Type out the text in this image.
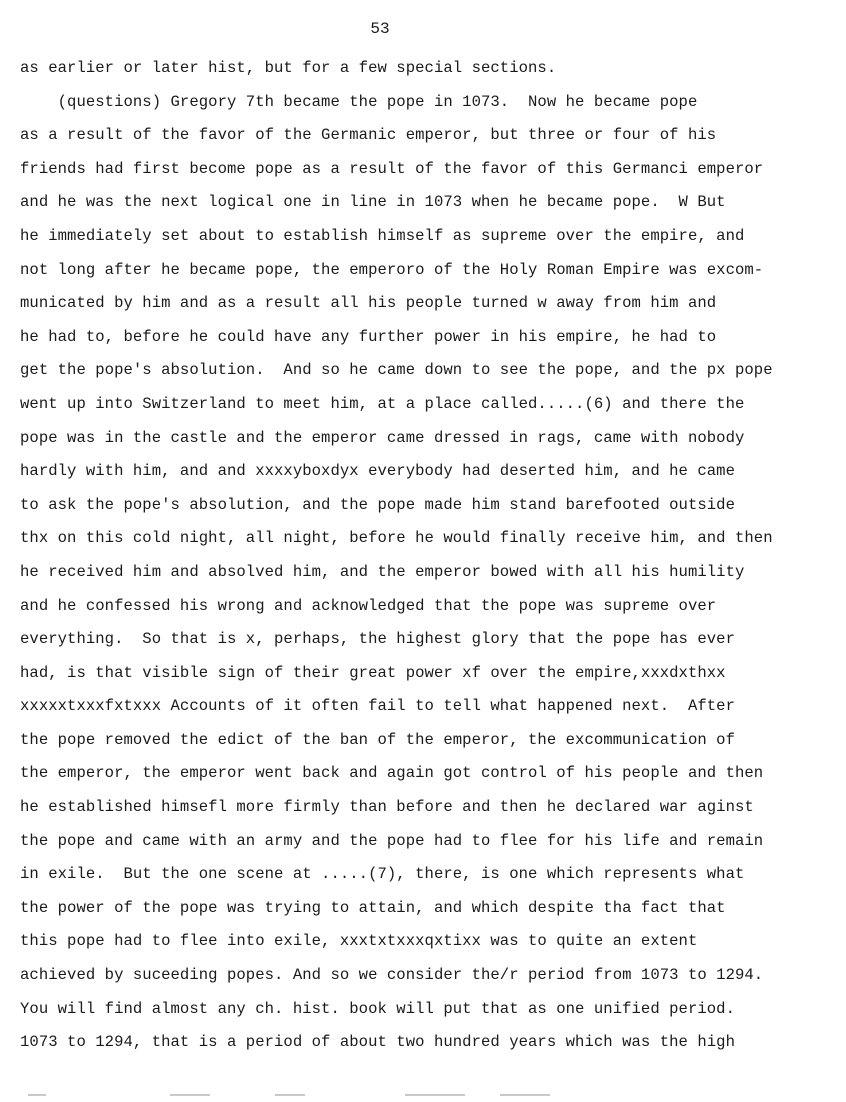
53
as earlier or later hist, but for a few special sections.
(questions) Gregory 7th became the pope in 1073.  Now he became pope
as a result of the favor of the Germanic emperor, but three or four of his
friends had first become pope as a result of the favor of this Germanci emperor
and he was the next logical one in line in 1073 when he became pope.  W But
he immediately set about to establish himself as supreme over the empire, and
not long after he became pope, the emperoro of the Holy Roman Empire was excom-
municated by him and as a result all his people turned w away from him and
he had to, before he could have any further power in his empire, he had to
get the pope's absolution.  And so he came down to see the pope, and the px pope
went up into Switzerland to meet him, at a place called.....(6) and there the
pope was in the castle and the emperor came dressed in rags, came with nobody
hardly with him, and and xxxxyboxdyx everybody had deserted him, and he came
to ask the pope's absolution, and the pope made him stand barefooted outside
thx on this cold night, all night, before he would finally receive him, and then
he received him and absolved him, and the emperor bowed with all his humility
and he confessed his wrong and acknowledged that the pope was supreme over
everything.  So that is x, perhaps, the highest glory that the pope has ever
had, is that visible sign of their great power xf over the empire,xxxdxthxx
xxxxxtxxxfxtxxx Accounts of it often fail to tell what happened next.  After
the pope removed the edict of the ban of the emperor, the excommunication of
the emperor, the emperor went back and again got control of his people and then
he established himsefl more firmly than before and then he declared war aginst
the pope and came with an army and the pope had to flee for his life and remain
in exile.  But the one scene at .....(7), there, is one which represents what
the power of the pope was trying to attain, and which despite tha fact that
this pope had to flee into exile, xxxtxtxxxqxtixx was to quite an extent
achieved by suceeding popes. And so we consider the/r period from 1073 to 1294.
You will find almost any ch. hist. book will put that as one unified period.
1073 to 1294, that is a period of about two hundred years which was the high
